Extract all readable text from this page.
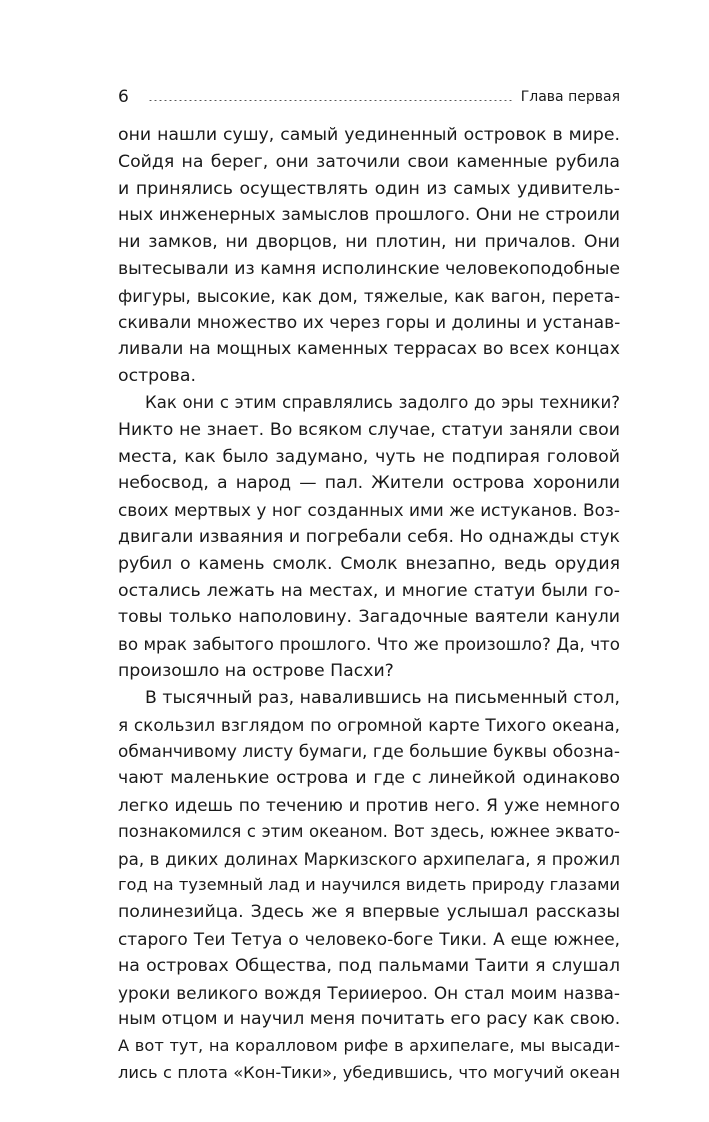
6	Глава первая
они нашли сушу, самый уединенный островок в мире.
Сойдя на берег, они заточили свои каменные рубила
и принялись осуществлять один из самых удивитель-
ных инженерных замыслов прошлого. Они не строили
ни замков, ни дворцов, ни плотин, ни причалов. Они
вытесывали из камня исполинские человекоподобные
фигуры, высокие, как дом, тяжелые, как вагон, перета-
скивали множество их через горы и долины и устанав-
ливали на мощных каменных террасах во всех концах
острова.
Как они с этим справлялись задолго до эры техники?
Никто не знает. Во всяком случае, статуи заняли свои
места, как было задумано, чуть не подпирая головой
небосвод, а народ — пал. Жители острова хоронили
своих мертвых у ног созданных ими же истуканов. Воз-
двигали изваяния и погребали себя. Но однажды стук
рубил о камень смолк. Смолк внезапно, ведь орудия
остались лежать на местах, и многие статуи были го-
товы только наполовину. Загадочные ваятели канули
во мрак забытого прошлого. Что же произошло? Да, что
произошло на острове Пасхи?
В тысячный раз, навалившись на письменный стол,
я скользил взглядом по огромной карте Тихого океана,
обманчивому листу бумаги, где большие буквы обозна-
чают маленькие острова и где с линейкой одинаково
легко идешь по течению и против него. Я уже немного
познакомился с этим океаном. Вот здесь, южнее эквато-
ра, в диких долинах Маркизского архипелага, я прожил
год на туземный лад и научился видеть природу глазами
полинезийца. Здесь же я впервые услышал рассказы
старого Теи Тетуа о человеко-боге Тики. А еще южнее,
на островах Общества, под пальмами Таити я слушал
уроки великого вождя Терииероо. Он стал моим назва-
ным отцом и научил меня почитать его расу как свою.
А вот тут, на коралловом рифе в архипелаге, мы высади-
лись с плота «Кон-Тики», убедившись, что могучий океан
